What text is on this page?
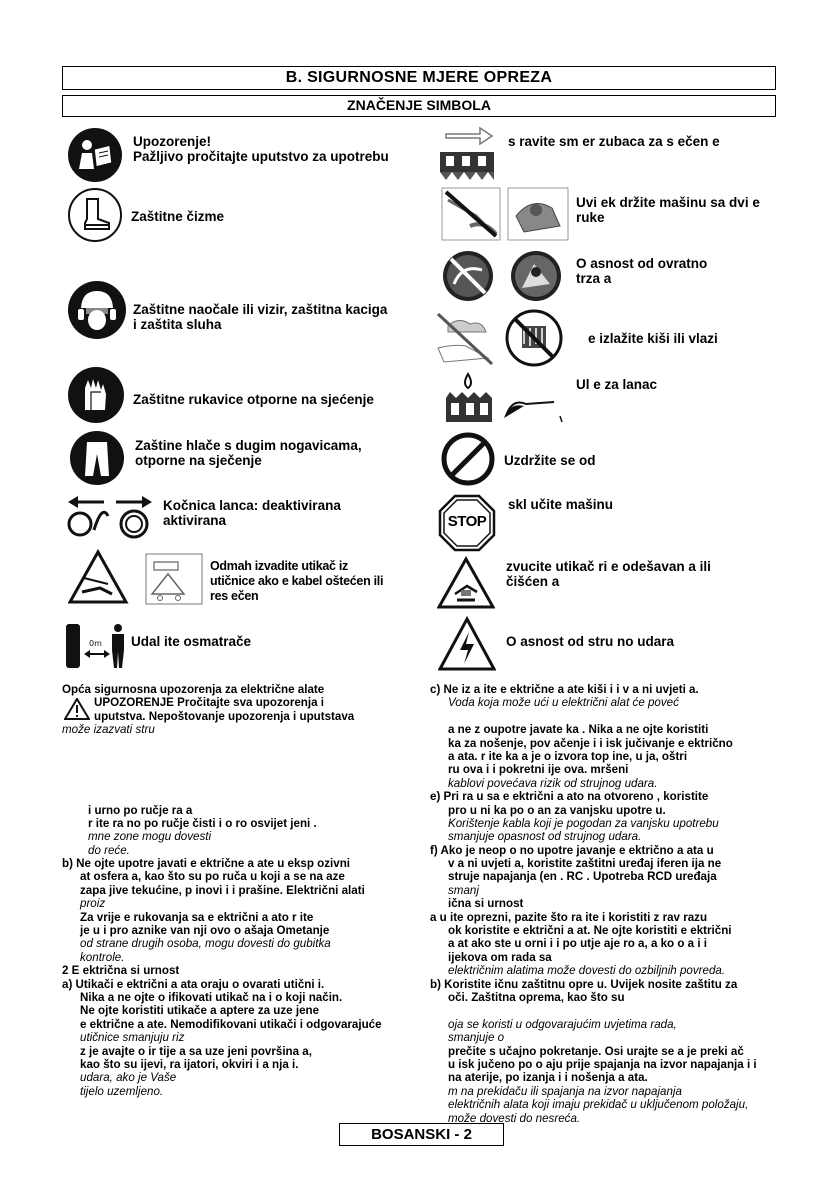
B. SIGURNOSNE MJERE OPREZA
ZNAČENJE SIMBOLA
0m
STOP
Upozorenje!
Pažljivo pročitajte uputstvo za upotrebu
Zaštitne čizme
Zaštitne naočale ili vizir, zaštitna kaciga
i zaštita sluha
Zaštitne rukavice otporne na sjećenje
Zaštine hlače s dugim nogavicama,
otporne na sječenje
Kočnica lanca: deaktivirana
aktivirana
Odmah izvadite utikač iz
utičnice ako e kabel oštećen ili
res ečen
Udal ite osmatrače
s ravite sm er zubaca za s ečen e
Uvi ek držite mašinu sa dvi e
ruke
O asnost od ovratno
trza a
e izlažite kiši ili vlazi
Ul e za lanac
Uzdržite se od
skl učite mašinu
zvucite utikač ri e odešavan a ili
čišćen a
O asnost od stru no udara
Opća sigurnosna upozorenja za električne alate
UPOZORENJE Pročitajte sva upozorenja i
uputstva. Nepoštovanje upozorenja i uputstava
može izazvati stru
i urno po ručje ra a
r ite ra no po ručje čisti i o ro osvijet jeni .
mne zone mogu dovesti
do reće.
b) Ne ojte upotre javati e ektrične a ate u eksp ozivni
at osfera a, kao što su po ruča u koji a se na aze
zapa jive tekućine, p inovi i i prašine. Električni alati
proiz
Za vrije e rukovanja sa e ektrični a ato r ite
je u i pro aznike van nji ovo o ašaja Ometanje
od strane drugih osoba, mogu dovesti do gubitka
kontrole.
2 E ektrična si urnost
a) Utikači e ektrični a ata oraju o ovarati utični i.
Nika a ne ojte o ifikovati utikač na i o koji način.
Ne ojte koristiti utikače a aptere za uze jene
e ektrične a ate. Nemodifikovani utikači i odgovarajuće
utičnice smanjuju riz
z je avajte o ir tije a sa uze jeni površina a,
kao što su ijevi, ra ijatori, okviri i a nja i.
udara, ako je Vaše
tijelo uzemljeno.
c) Ne iz a ite e ektrične a ate kiši i i v a ni uvjeti a.
Voda koja može ući u električni alat će poveć
a ne z oupotre javate ka . Nika a ne ojte koristiti
ka za nošenje, pov ačenje i i isk jučivanje e ektrično
a ata. r ite ka a je o izvora top ine, u ja, oštri
ru ova i i pokretni ije ova. mršeni
kablovi povećava rizik od strujnog udara.
e) Pri ra u sa e ektrični a ato na otvoreno , koristite
pro u ni ka po o an za vanjsku upotre u.
Korištenje kabla koji je pogodan za vanjsku upotrebu
smanjuje opasnost od strujnog udara.
f) Ako je neop o no upotre javanje e ektrično a ata u
v a ni uvjeti a, koristite zaštitni uređaj iferen ija ne
struje napajanja (en . RC . Upotreba RCD uređaja
smanj
ična si urnost
a u ite oprezni, pazite što ra ite i koristiti z rav razu
ok koristite e ektrični a at. Ne ojte koristiti e ektrični
a at ako ste u orni i i po utje aje ro a, a ko o a i i
ijekova om rada sa
električnim alatima može dovesti do ozbiljnih povreda.
b) Koristite ičnu zaštitnu opre u. Uvijek nosite zaštitu za
oči. Zaštitna oprema, kao što su
oja se koristi u odgovarajućim uvjetima rada,
smanjuje o
prečite s učajno pokretanje. Osi urajte se a je preki ač
u isk jučeno po o aju prije spajanja na izvor napajanja i i
na aterije, po izanja i i nošenja a ata.
m na prekidaču ili spajanja na izvor napajanja
električnih alata koji imaju prekidač u uključenom položaju,
može dovesti do nesreća.
BOSANSKI - 2
